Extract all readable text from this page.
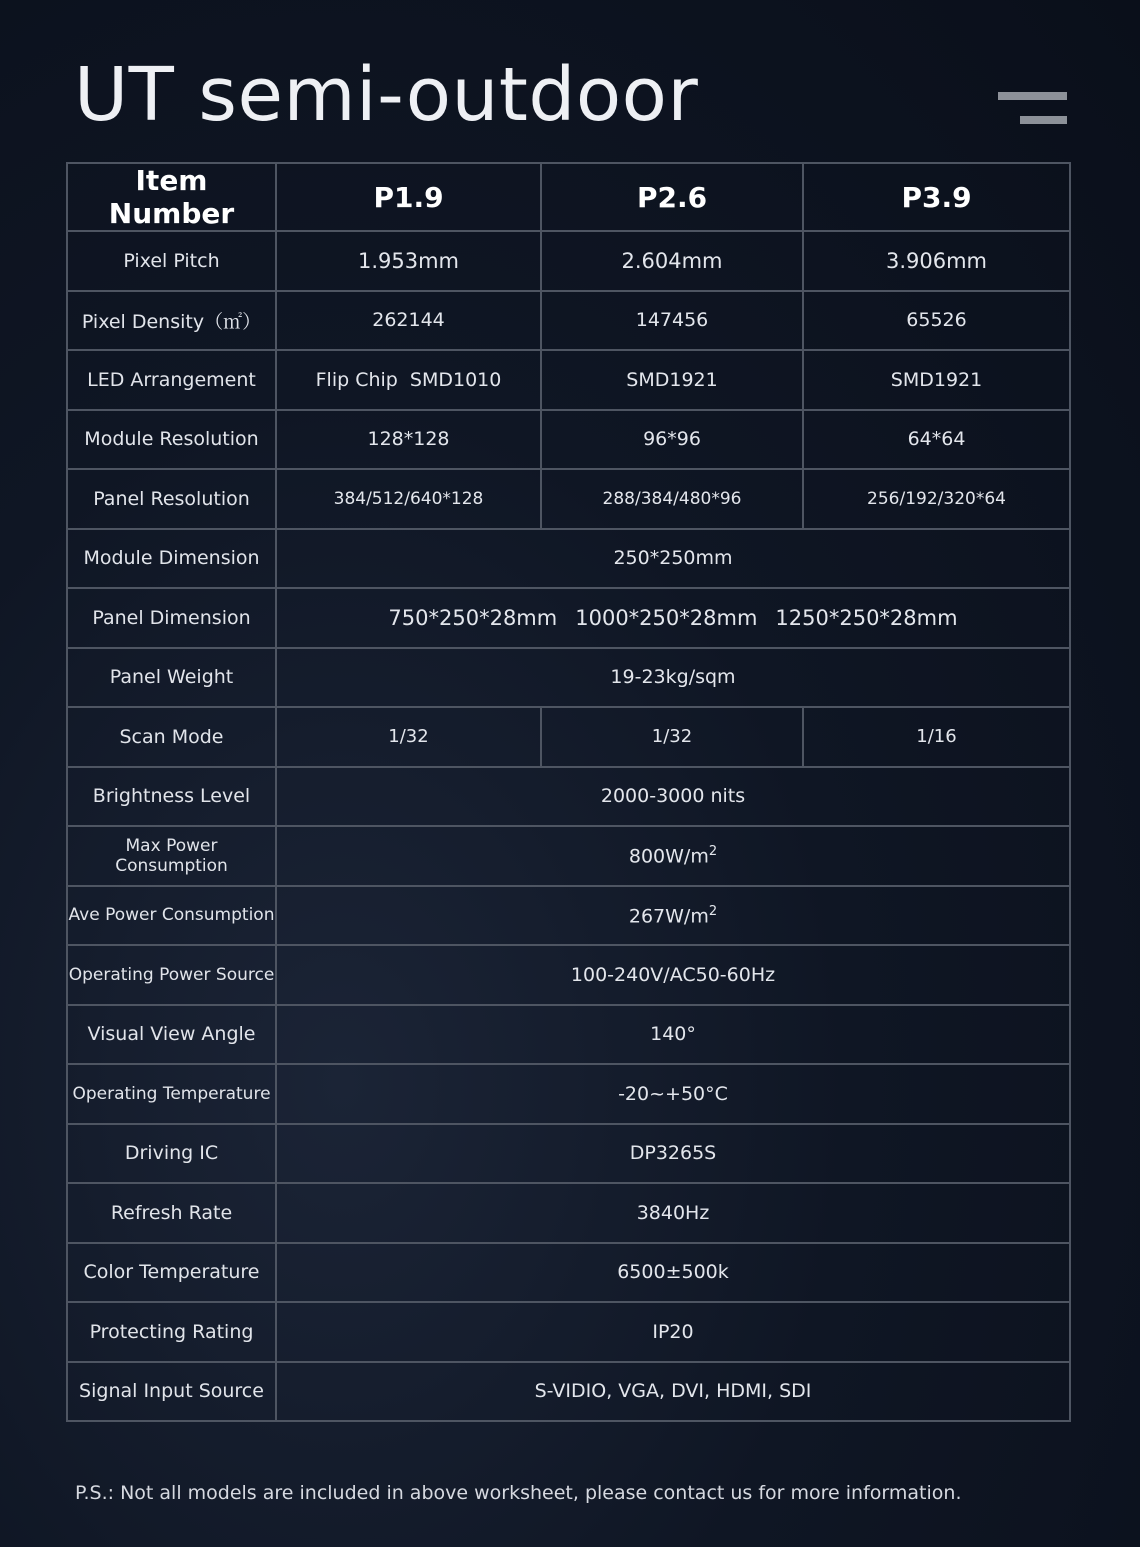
UT semi-outdoor
Item Number	P1.9	P2.6	P3.9
Pixel Pitch	1.953mm	2.604mm	3.906mm
Pixel Density（㎡）	262144	147456	65526
LED Arrangement	Flip Chip  SMD1010	SMD1921	SMD1921
Module Resolution	128*128	96*96	64*64
Panel Resolution	384/512/640*128	288/384/480*96	256/192/320*64
Module Dimension	250*250mm		
Panel Dimension	750*250*28mm 1000*250*28mm 1250*250*28mm		
Panel Weight	19-23kg/sqm		
Scan Mode	1/32	1/32	1/16
Brightness Level	2000-3000 nits		
Max Power Consumption	$800W/m^2$
Ave Power Consumption	$267W/m^2$
Operating Power Source	100-240V/AC50-60Hz		
Visual View Angle	140°		
Operating Temperature	-20~+50°C		
Driving IC	DP3265S		
Refresh Rate	3840Hz		
Color Temperature	6500±500k		
Protecting Rating	IP20		
Signal Input Source	S-VIDIO, VGA, DVI, HDMI, SDI		

P.S.: Not all models are included in above worksheet, please contact us for more information.
